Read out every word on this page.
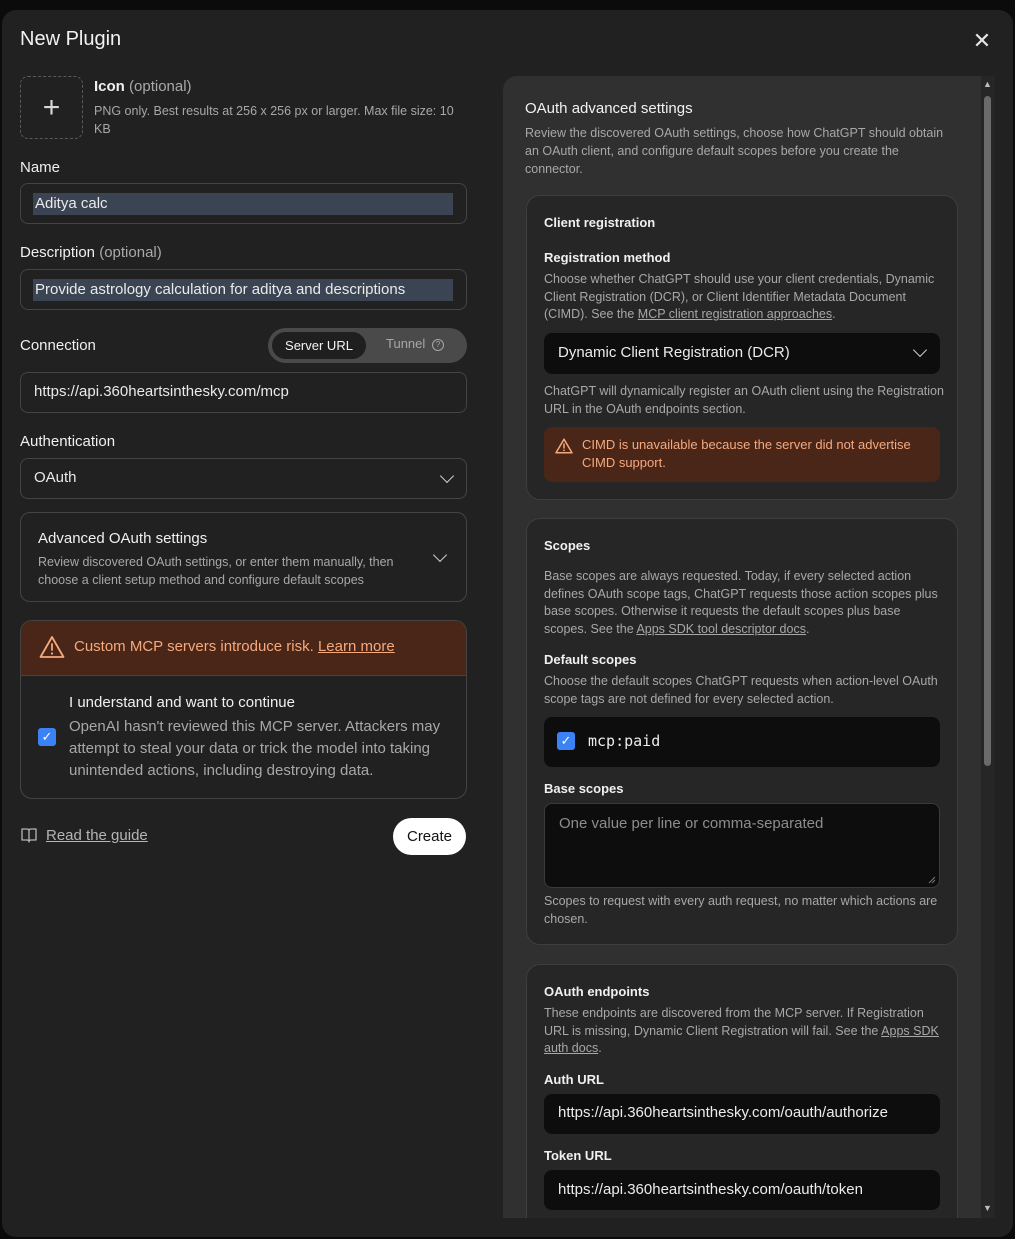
New Plugin	✕
+
Icon (optional)
PNG only. Best results at 256 x 256 px or larger. Max file size: 10 KB
Name
Aditya calc
Description (optional)
Provide astrology calculation for aditya and descriptions
Connection	Server URL	Tunnel	?
https://api.360heartsinthesky.com/mcp
Authentication
OAuth
Advanced OAuth settings
Review discovered OAuth settings, or enter them manually, then choose a client setup method and configure default scopes
Custom MCP servers introduce risk. Learn more
✓
I understand and want to continue
OpenAI hasn't reviewed this MCP server. Attackers may attempt to steal your data or trick the model into taking unintended actions, including destroying data.
Read the guide	Create
OAuth advanced settings
Review the discovered OAuth settings, choose how ChatGPT should obtain an OAuth client, and configure default scopes before you create the connector.
Client registration
Registration method
Choose whether ChatGPT should use your client credentials, Dynamic Client Registration (DCR), or Client Identifier Metadata Document (CIMD). See the MCP client registration approaches.
Dynamic Client Registration (DCR)
ChatGPT will dynamically register an OAuth client using the Registration URL in the OAuth endpoints section.
CIMD is unavailable because the server did not advertise CIMD support.
Scopes
Base scopes are always requested. Today, if every selected action defines OAuth scope tags, ChatGPT requests those action scopes plus base scopes. Otherwise it requests the default scopes plus base scopes. See the Apps SDK tool descriptor docs.
Default scopes
Choose the default scopes ChatGPT requests when action-level OAuth scope tags are not defined for every selected action.
✓ mcp:paid
Base scopes
One value per line or comma-separated
Scopes to request with every auth request, no matter which actions are chosen.
OAuth endpoints
These endpoints are discovered from the MCP server. If Registration URL is missing, Dynamic Client Registration will fail. See the Apps SDK auth docs.
Auth URL
https://api.360heartsinthesky.com/oauth/authorize
Token URL
https://api.360heartsinthesky.com/oauth/token
▲
▼
